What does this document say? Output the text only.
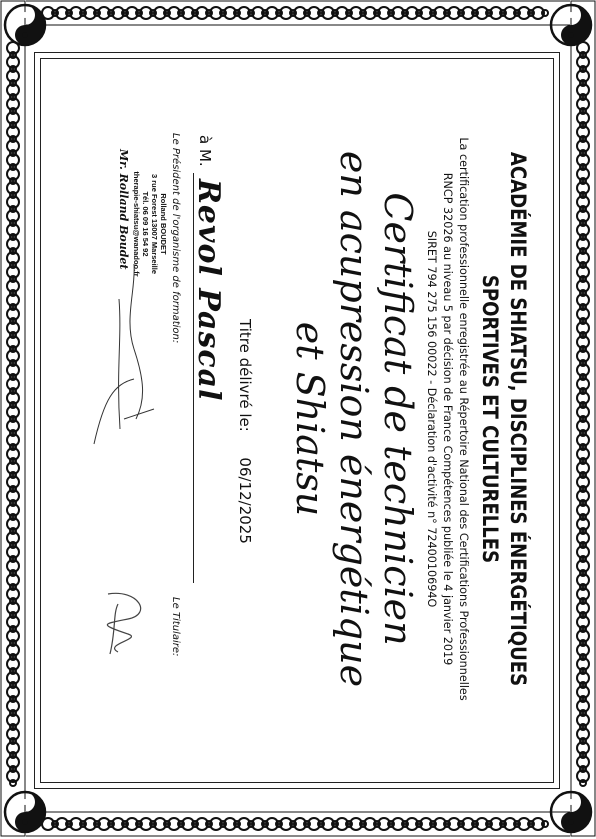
ACADÉMIE DE SHIATSU, DISCIPLINES ÉNERGÉTIQUES
SPORTIVES ET CULTURELLES
La certification professionnelle enregistrée au Répertoire National des Certifications Professionnelles
RNCP 32026 au niveau 5 par décision de France Compétences publiée le 4 janvier 2019
SIRET 794 275 156 00022 - Déclaration d'activité n° 7240010694O
Certificat de technicien
en acupression énergétique
et Shiatsu
Titre délivré le:  06/12/2025
à M.
Revol Pascal
Le Président de l'organisme de formation:
Le Titulaire:
Rolland BOUDET
3 rue Forest 13007 Marseille
Tél. 06 09 16 54 92
therapie-shiatsu@wanadoo.fr
Mr. Rolland Boudet
